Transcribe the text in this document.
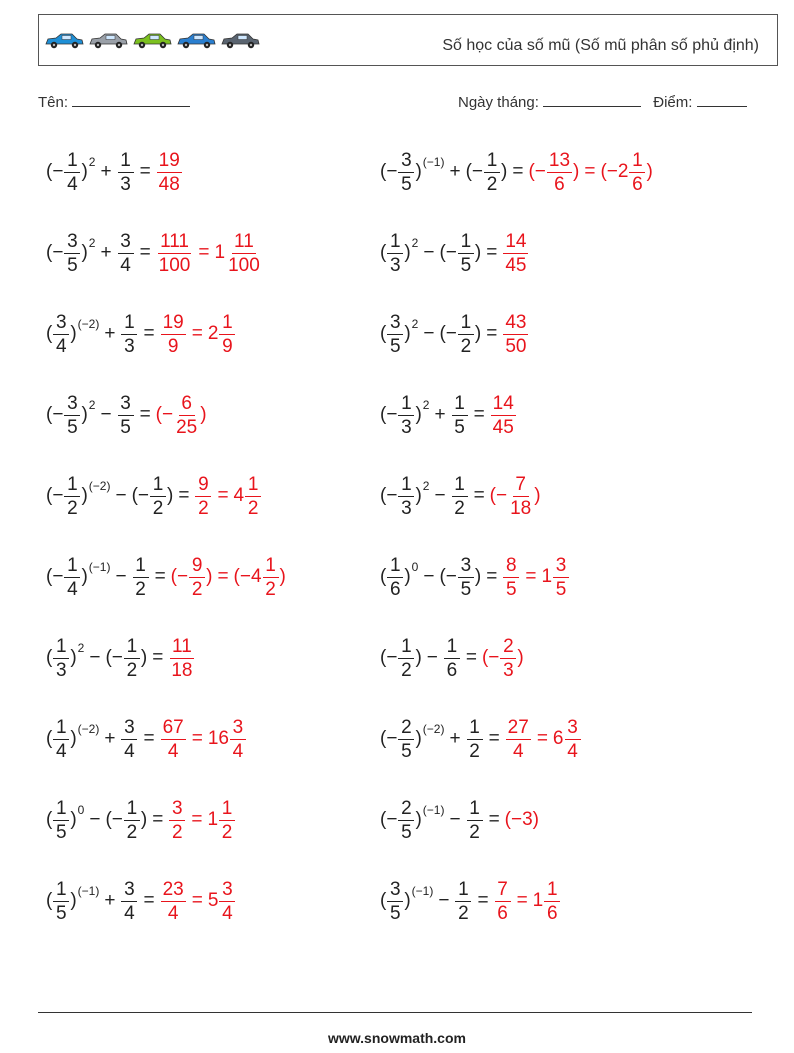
Số học của số mũ (Số mũ phân số phủ định)
Tên:	Ngày tháng:	Điểm:
( − $\frac{1}{4}$ ) $2 + \frac{1}{3} = \frac{19}{48}$	( − $\frac{3}{5}$ ) (−1) + ( − $\frac{1}{2}$ ) = (− $\frac{13}{6}$ ) = ($-2 \frac{1}{6}$ )
( − $\frac{3}{5}$ ) $2 + \frac{3}{4} = \frac{111}{100} = 1 \frac{11}{100}$	( $\frac{1}{3}$ ) 2 − ( − $\frac{1}{5}$ ) = $\frac{14}{45}$
( $\frac{3}{4}$ ) $(-2) + \frac{1}{3} = \frac{19}{9} = 2 \frac{1}{9}$	( $\frac{3}{5}$ ) 2 − ( − $\frac{1}{2}$ ) = $\frac{43}{50}$
( − $\frac{3}{5}$ ) $2 - \frac{3}{5}$ = (− $\frac{6}{25}$ )	( − $\frac{1}{3}$ ) $2 + \frac{1}{5} = \frac{14}{45}$
( − $\frac{1}{2}$ ) (−2) − ( − $\frac{1}{2}$ ) = $\frac{9}{2} = 4 \frac{1}{2}$	( − $\frac{1}{3}$ ) $2 - \frac{1}{2}$ = (− $\frac{7}{18}$ )
( − $\frac{1}{4}$ ) $(-1) - \frac{1}{2}$ = (− $\frac{9}{2}$ ) = ($-4 \frac{1}{2}$ )	( $\frac{1}{6}$ ) 0 − ( − $\frac{3}{5}$ ) = $\frac{8}{5} = 1 \frac{3}{5}$
( $\frac{1}{3}$ ) 2 − ( − $\frac{1}{2}$ ) = $\frac{11}{18}$	( − $\frac{1}{2}$ ) − $\frac{1}{6}$ = (− $\frac{2}{3}$ )
( $\frac{1}{4}$ ) $(-2) + \frac{3}{4} = \frac{67}{4} = 16 \frac{3}{4}$	( − $\frac{2}{5}$ ) $(-2) + \frac{1}{2} = \frac{27}{4} = 6 \frac{3}{4}$
( $\frac{1}{5}$ ) 0 − ( − $\frac{1}{2}$ ) = $\frac{3}{2} = 1 \frac{1}{2}$	( − $\frac{2}{5}$ ) $(-1) - \frac{1}{2} = (-3)$
( $\frac{1}{5}$ ) $(-1) + \frac{3}{4} = \frac{23}{4} = 5 \frac{3}{4}$	( $\frac{3}{5}$ ) $(-1) - \frac{1}{2} = \frac{7}{6} = 1 \frac{1}{6}$
www.snowmath.com
